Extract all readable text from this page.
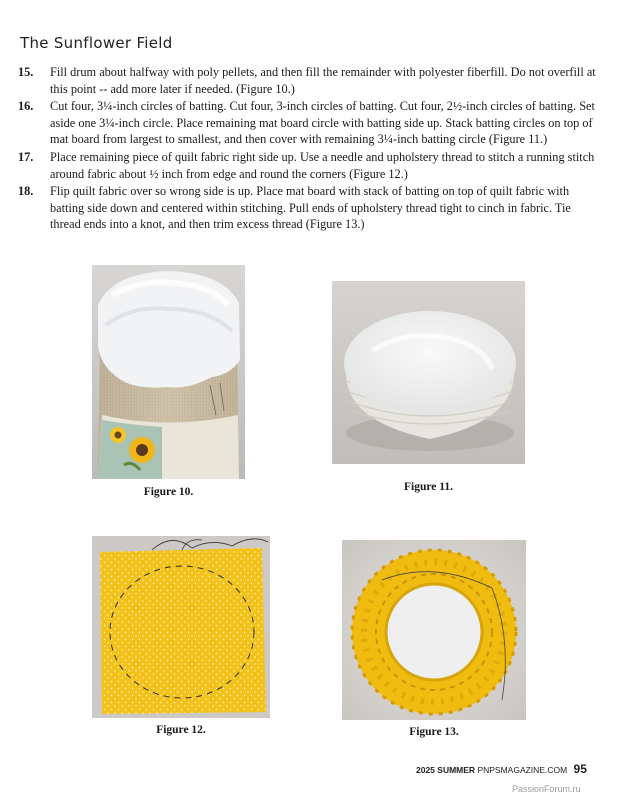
The Sunflower Field
15. Fill drum about halfway with poly pellets, and then fill the remainder with polyester fiberfill. Do not overfill at this point -- add more later if needed. (Figure 10.)
16. Cut four, 3¼-inch circles of batting. Cut four, 3-inch circles of batting. Cut four, 2½-inch circles of batting. Set aside one 3¼-inch circle. Place remaining mat board circle with batting side up. Stack batting circles on top of mat board from largest to smallest, and then cover with remaining 3¼-inch batting circle (Figure 11.)
17. Place remaining piece of quilt fabric right side up. Use a needle and upholstery thread to stitch a running stitch around fabric about ½ inch from edge and round the corners (Figure 12.)
18. Flip quilt fabric over so wrong side is up. Place mat board with stack of batting on top of quilt fabric with batting side down and centered within stitching. Pull ends of upholstery thread tight to cinch in fabric. Tie thread ends into a knot, and then trim excess thread (Figure 13.)
Figure 10.	Figure 11.
Figure 12.	Figure 13.
2025 SUMMER PNPSMAGAZINE.COM 95
PassionForum.ru
